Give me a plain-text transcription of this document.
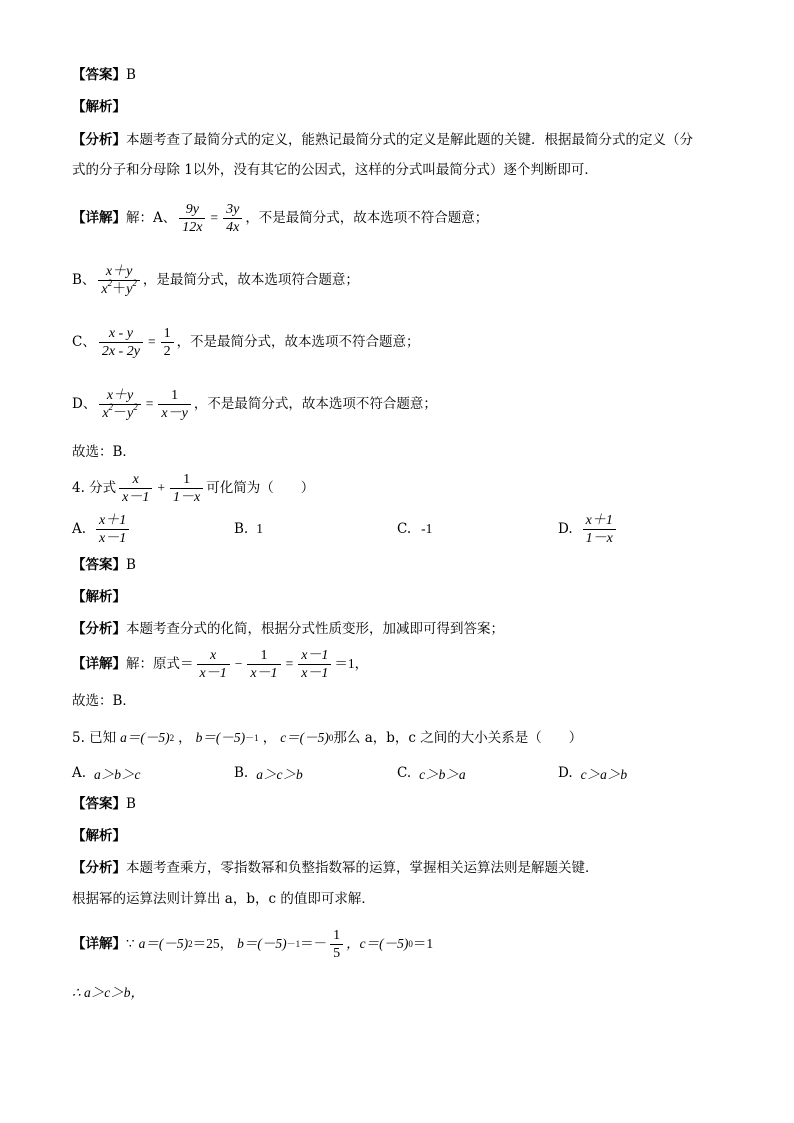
【答案】 B
【解析】
【分析】 本题考查了最简分式的定义，能熟记最简分式的定义是解此题的关键．根据最简分式的定义（分
式的分子和分母除 1以外，没有其它的公因式，这样的分式叫最简分式）逐个判断即可．
【详解】 解：A、 $\frac{9y}{12x} = \frac{3y}{4x}$ ，不是最简分式，故本选项不符合题意；
B、 $\frac{x+y}{x^2+y^2}$ ，是最简分式，故本选项符合题意；
C、 $\frac{x - y}{2x - 2y} = \frac{1}{2}$ ，不是最简分式，故本选项不符合题意；
D、 $\frac{x+y}{x^2-y^2} = \frac{1}{x-y}$ ，不是最简分式，故本选项不符合题意；
故选：B．
4. 分式 $\frac{x}{x-1} + \frac{1}{1-x}$ 可化简为（　　）
A. $\frac{x+1}{x-1}$	B. 1	C. -1	D. $\frac{x+1}{1-x}$
【答案】 B
【解析】
【分析】 本题考查分式的化简，根据分式性质变形，加减即可得到答案；
【详解】 解：原式＝ $\frac{x}{x-1} - \frac{1}{x-1} = \frac{x-1}{x-1} =1$，
故选：B．
5. 已知 a＝(－5) 2 ， b＝(－5) －1 ， c＝(－5) 0 那么 a，b，c 之间的大小关系是（　　）
A. a＞b＞c	B. a＞c＞b	C. c＞b＞a	D. c＞a＞b
【答案】 B
【解析】
【分析】 本题考查乘方，零指数幂和负整指数幂的运算，掌握相关运算法则是解题关键．
根据幂的运算法则计算出 a，b，c 的值即可求解．
【详解】 ∵ a＝(－5) 2 ＝25， $b=(-5) -1 =- \frac{1}{5}$ ，c＝(－5) 0 ＝1
∴ a＞c＞b，
